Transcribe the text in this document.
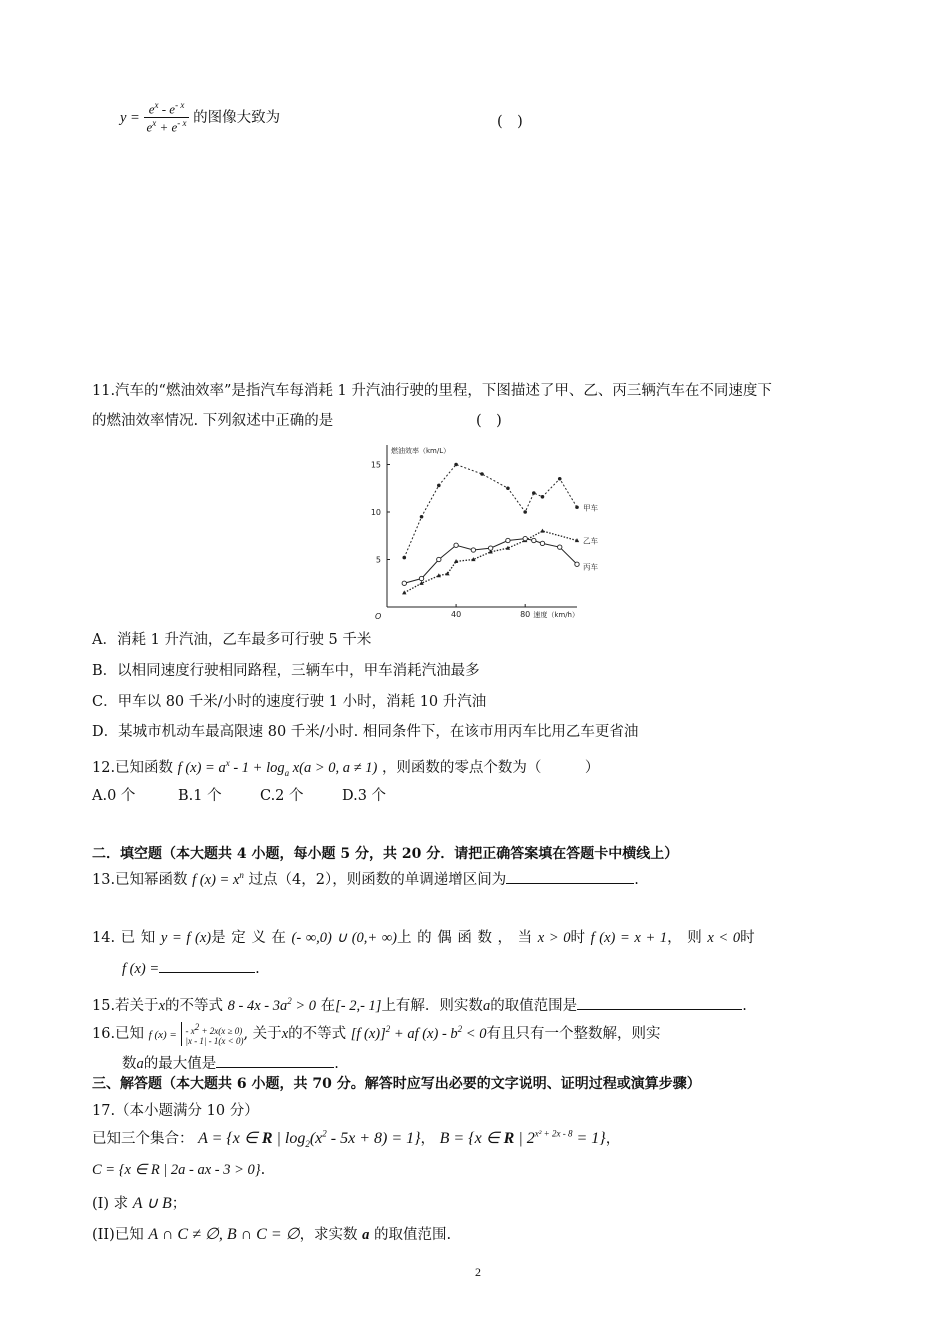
$y = \frac{e^x - e^{- x}}{e^x + e^{- x}}$ 的图像大致为	(　)
11.汽车的“燃油效率”是指汽车每消耗 1 升汽油行驶的里程，下图描述了甲、乙、丙三辆汽车在不同速度下
的燃油效率情况. 下列叙述中正确的是	(　)
5
10
15
40	80
O
燃油效率（km/L）
速度（km/h）
甲车
乙车
丙车
A．消耗 1 升汽油，乙车最多可行驶 5 千米
B．以相同速度行驶相同路程，三辆车中，甲车消耗汽油最多
C．甲车以 80 千米/小时的速度行驶 1 小时，消耗 10 升汽油
D．某城市机动车最高限速 80 千米/小时. 相同条件下，在该市用丙车比用乙车更省油
12.已知函数 f $(x) = a^x - 1 + \log_a x(a > 0$, a ≠ 1) ，则函数的零点个数为（　　　）
A.0 个	B.1 个	C.2 个	D.3 个
二．填空题（本大题共 4 小题，每小题 5 分，共 20 分．请把正确答案填在答题卡中横线上）
13.已知幂函数 f $(x) = x^n$ 过点（4，2），则函数的单调递增区间为	.
14. 已 知 y = f (x)是 定 义 在 (- ∞,0) ∪ (0,+ ∞)上 的 偶 函 数 ， 当 x > 0时 f (x) = x + 1， 则 x < 0时
f (x) =	.
15.若关于x的不等式 $8 - 4x - 3a^2 > 0$ 在[- 2,- 1]上有解．则实数a的取值范围是	.
16.已知 f (x) = - $x^2 + 2x(x \ge 0)$
|x - 1| - 1(x < 0) , 关于x的不等式 [f (x)]$^2$ + af $(x) - b^2 < 0$有且只有一个整数解，则实
数a的最大值是	.
三、解答题（本大题共 6 小题，共 70 分。解答时应写出必要的文字说明、证明过程或演算步骤）
17.（本小题满分 10 分）
已知三个集合： A = {x ∈ R | $\log_2(x^2 - 5x + 8) = 1$}， B = {x ∈ R | $2^{x^2 + 2x - 8} = 1$}，
C = {x ∈ R | 2a - ax - 3 > 0}.
(I) 求 A ∪ B；
(II)已知 A ∩ C ≠ ∅, B ∩ C = ∅，求实数 a 的取值范围.
2
